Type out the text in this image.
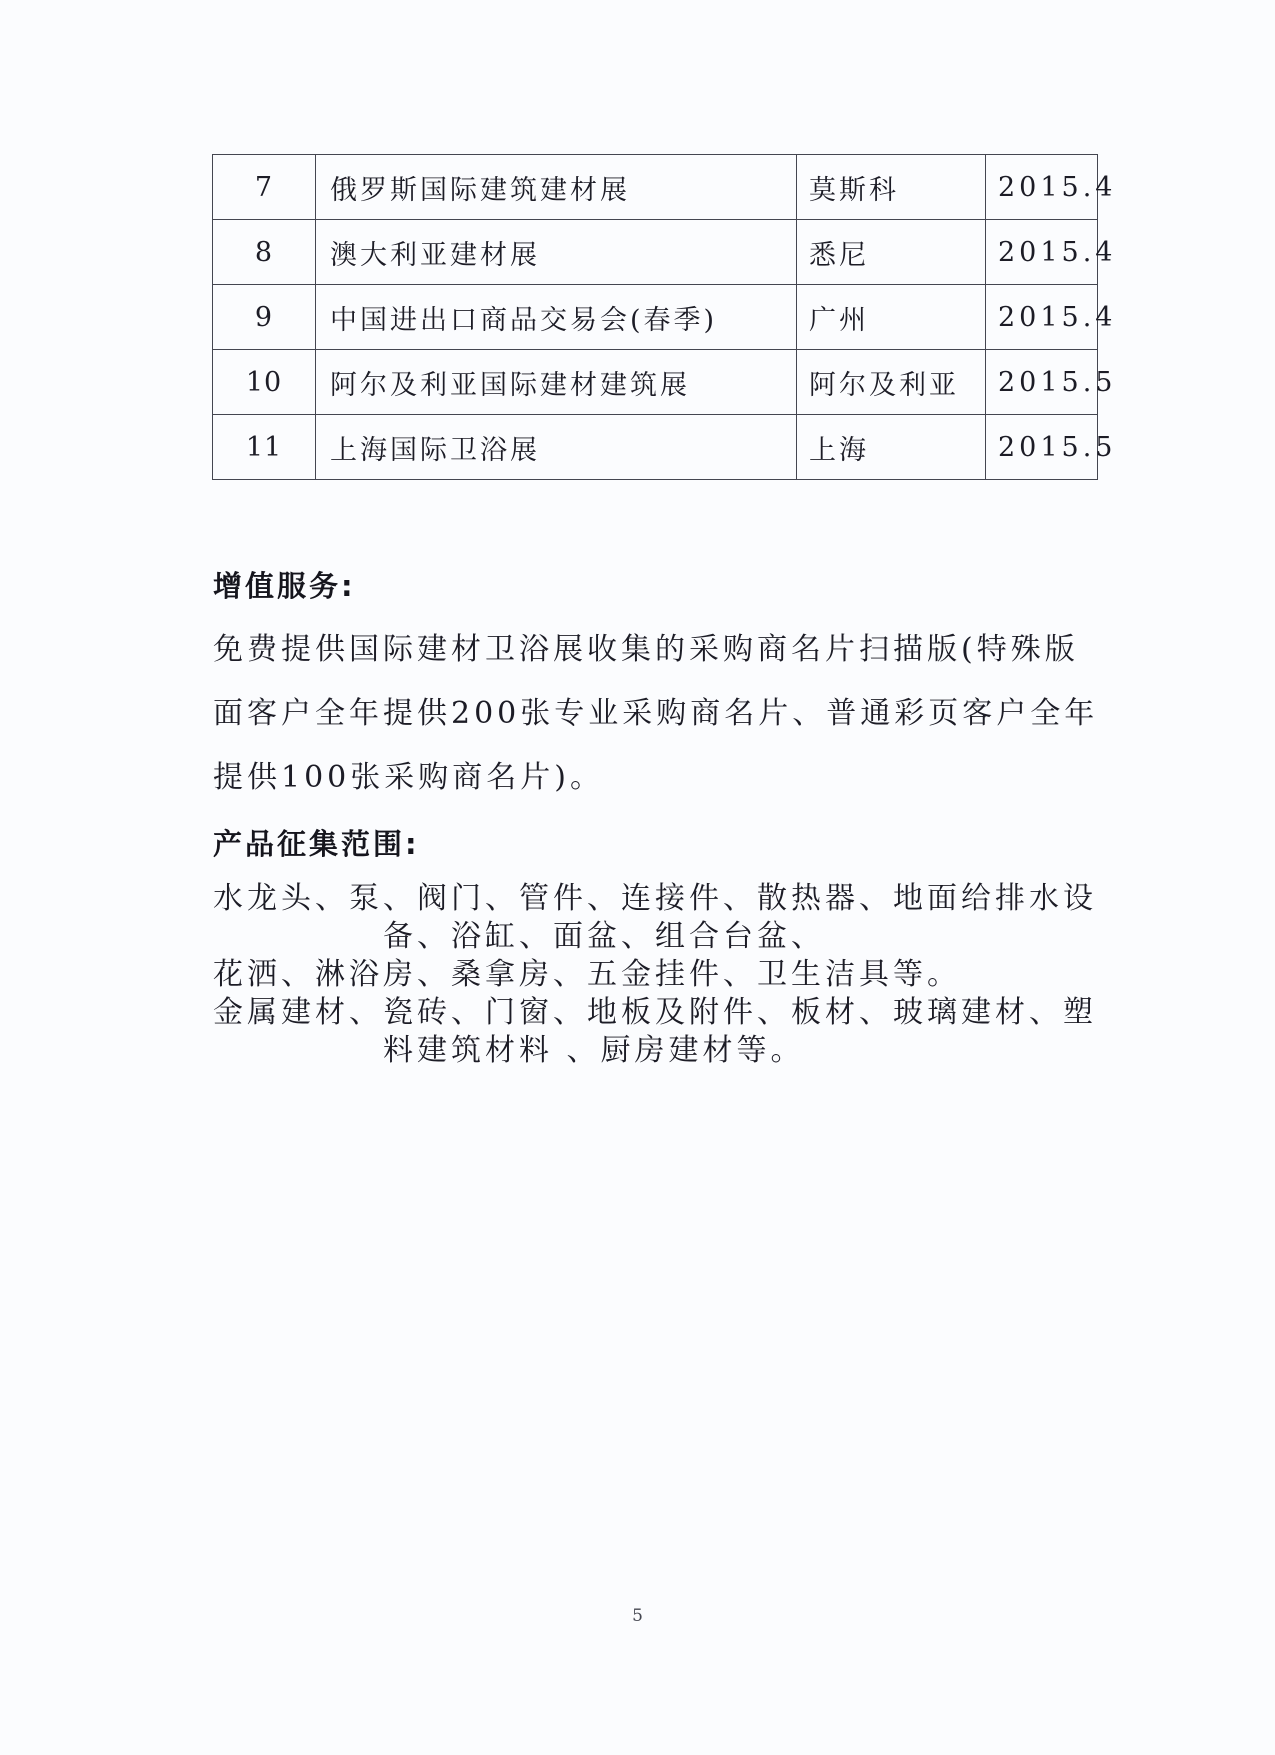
7	俄罗斯国际建筑建材展	莫斯科	2015.4
8	澳大利亚建材展	悉尼	2015.4
9	中国进出口商品交易会(春季)	广州	2015.4
10	阿尔及利亚国际建材建筑展	阿尔及利亚	2015.5
11	上海国际卫浴展	上海	2015.5
增值服务:
免费提供国际建材卫浴展收集的采购商名片扫描版(特殊版
面客户全年提供200张专业采购商名片、普通彩页客户全年
提供100张采购商名片)。
产品征集范围:
水龙头、泵、阀门、管件、连接件、散热器、地面给排水设
备、浴缸、面盆、组合台盆、
花洒、淋浴房、桑拿房、五金挂件、卫生洁具等。
金属建材、瓷砖、门窗、地板及附件、板材、玻璃建材、塑
料建筑材料 、厨房建材等。
5
